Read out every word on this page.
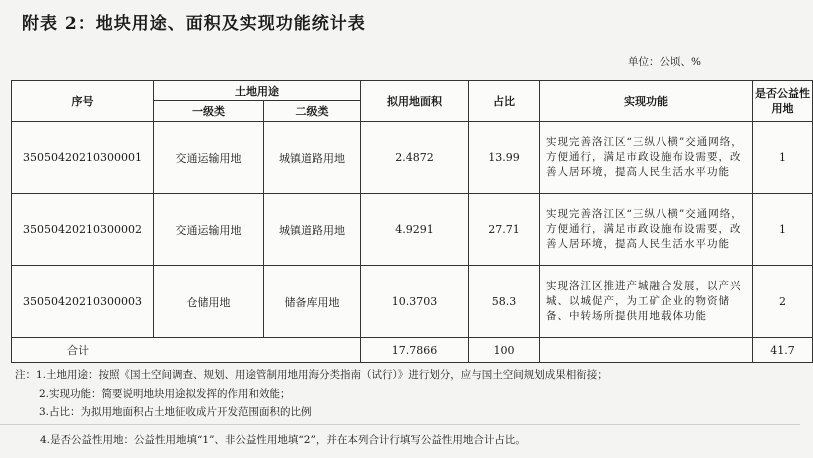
附表 2：地块用途、面积及实现功能统计表
单位：公顷、%
序号	土地用途		拟用地面积	占比	实现功能	是否公益性用地
	一级类	二级类				
35050420210300001	交通运输用地	城镇道路用地	2.4872	13.99	实现完善洛江区“三纵八横”交通网络，方便通行，满足市政设施布设需要，改善人居环境，提高人民生活水平功能	1
35050420210300002	交通运输用地	城镇道路用地	4.9291	27.71	实现完善洛江区“三纵八横”交通网络，方便通行，满足市政设施布设需要，改善人居环境，提高人民生活水平功能	1
35050420210300003	仓储用地	储备库用地	10.3703	58.3	实现洛江区推进产城融合发展，以产兴城、以城促产，为工矿企业的物资储备、中转场所提供用地载体功能	2
合计			17.7866	100		41.7
注：1.土地用途：按照《国土空间调查、规划、用途管制用地用海分类指南（试行）》进行划分，应与国土空间规划成果相衔接；
2.实现功能：简要说明地块用途拟发挥的作用和效能；
3.占比：为拟用地面积占土地征收成片开发范围面积的比例
4.是否公益性用地：公益性用地填“1”、非公益性用地填“2”，并在本列合计行填写公益性用地合计占比。
